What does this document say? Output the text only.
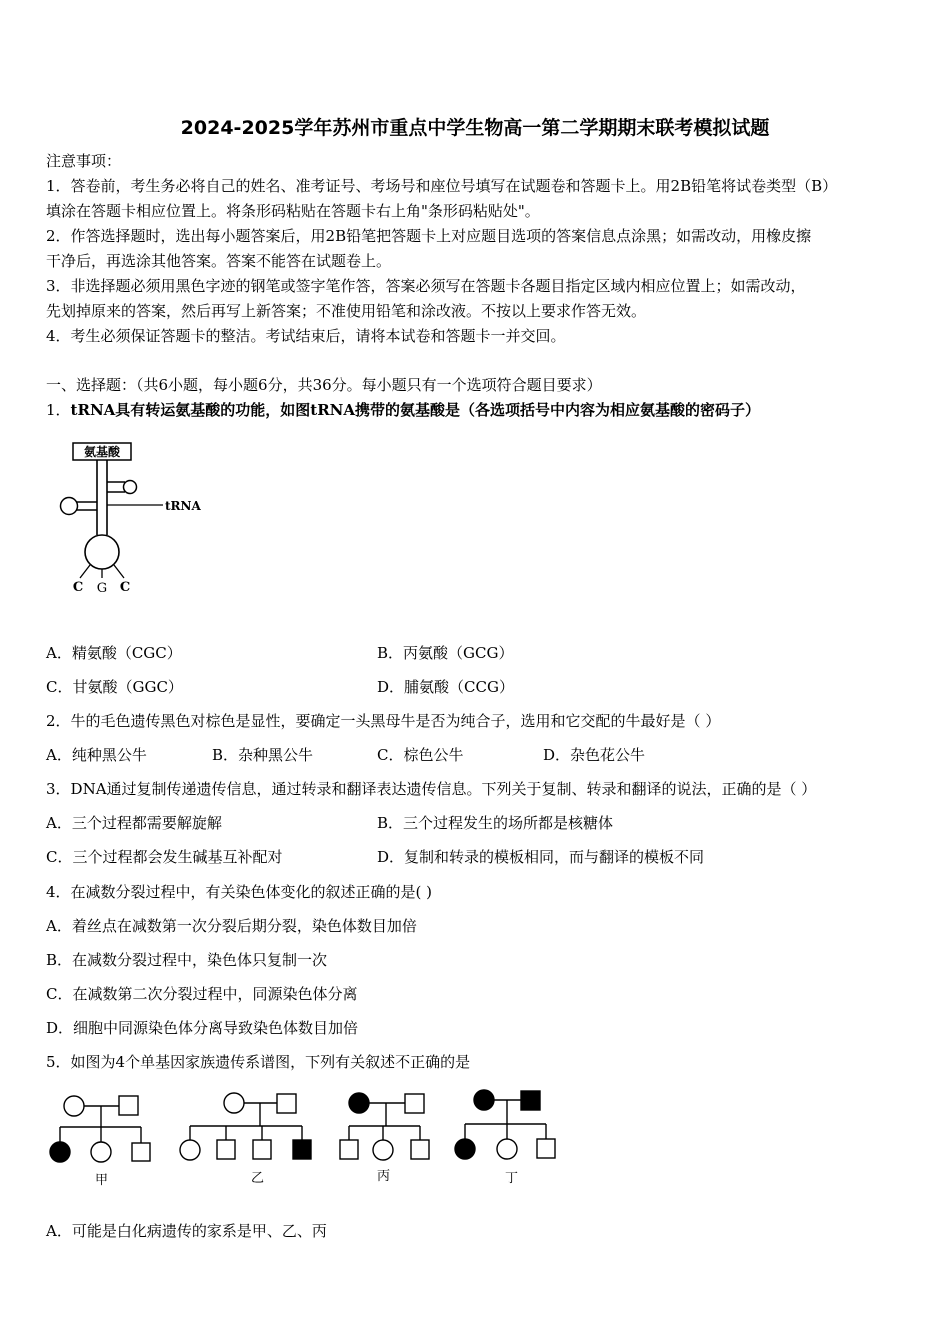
2024-2025学年苏州市重点中学生物高一第二学期期末联考模拟试题
注意事项：
1．答卷前，考生务必将自己的姓名、准考证号、考场号和座位号填写在试题卷和答题卡上。用2B铅笔将试卷类型（B）
填涂在答题卡相应位置上。将条形码粘贴在答题卡右上角"条形码粘贴处"。
2．作答选择题时，选出每小题答案后，用2B铅笔把答题卡上对应题目选项的答案信息点涂黑；如需改动，用橡皮擦
干净后，再选涂其他答案。答案不能答在试题卷上。
3．非选择题必须用黑色字迹的钢笔或签字笔作答，答案必须写在答题卡各题目指定区域内相应位置上；如需改动，
先划掉原来的答案，然后再写上新答案；不准使用铅笔和涂改液。不按以上要求作答无效。
4．考生必须保证答题卡的整洁。考试结束后，请将本试卷和答题卡一并交回。
一、选择题：（共6小题，每小题6分，共36分。每小题只有一个选项符合题目要求）
1．tRNA具有转运氨基酸的功能，如图tRNA携带的氨基酸是（各选项括号中内容为相应氨基酸的密码子）
氨基酸
tRNA
C G C
A．精氨酸（CGC）	B．丙氨酸（GCG）
C．甘氨酸（GGC）	D．脯氨酸（CCG）
2．牛的毛色遗传黑色对棕色是显性，要确定一头黑母牛是否为纯合子，选用和它交配的牛最好是（ ）
A．纯种黑公牛	B．杂种黑公牛	C．棕色公牛	D．杂色花公牛
3．DNA通过复制传递遗传信息，通过转录和翻译表达遗传信息。下列关于复制、转录和翻译的说法，正确的是（ ）
A．三个过程都需要解旋解	B．三个过程发生的场所都是核糖体
C．三个过程都会发生碱基互补配对	D．复制和转录的模板相同，而与翻译的模板不同
4．在减数分裂过程中，有关染色体变化的叙述正确的是( )
A．着丝点在减数第一次分裂后期分裂，染色体数目加倍
B．在减数分裂过程中，染色体只复制一次
C．在减数第二次分裂过程中，同源染色体分离
D．细胞中同源染色体分离导致染色体数目加倍
5．如图为4个单基因家族遗传系谱图，下列有关叙述不正确的是
甲	乙	丙	丁
A．可能是白化病遗传的家系是甲、乙、丙
